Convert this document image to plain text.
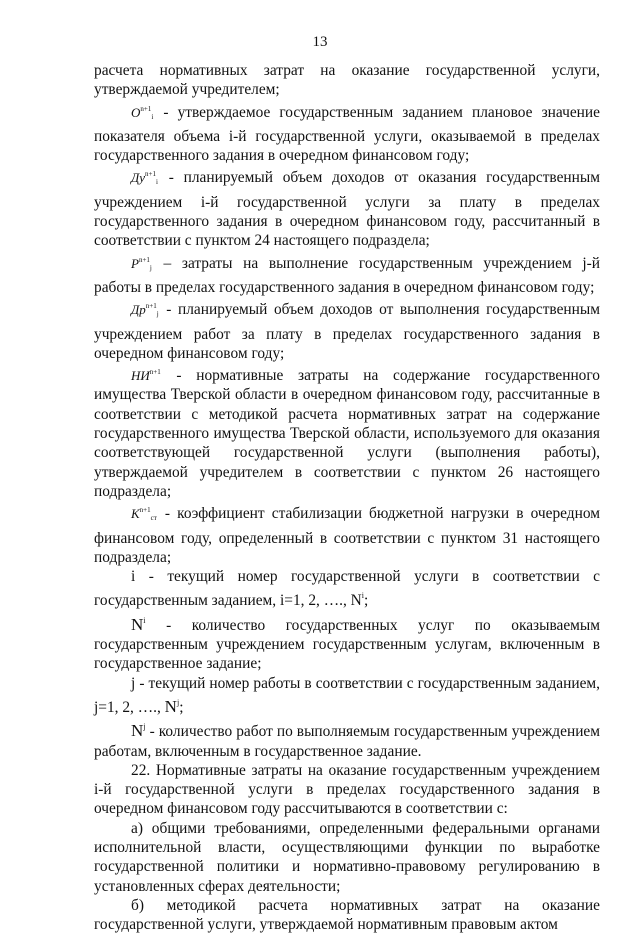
13

расчета нормативных затрат на оказание государственной услуги, утверждаемой учредителем;

$O^{n+1}_i$ - утверждаемое государственным заданием плановое значение показателя объема i-й государственной услуги, оказываемой в пределах государственного задания в очередном финансовом году;

$Ду^{n+1}_i$ - планируемый объем доходов от оказания государственным учреждением i-й государственной услуги за плату в пределах государственного задания в очередном финансовом году, рассчитанный в соответствии с пунктом 24 настоящего подраздела;

$P^{n+1}_j$ – затраты на выполнение государственным учреждением j-й работы в пределах государственного задания в очередном финансовом году;

$Др^{n+1}_j$ - планируемый объем доходов от выполнения государственным учреждением работ за плату в пределах государственного задания в очередном финансовом году;

$НИ^{n+1}$ - нормативные затраты на содержание государственного имущества Тверской области в очередном финансовом году, рассчитанные в соответствии с методикой расчета нормативных затрат на содержание государственного имущества Тверской области, используемого для оказания соответствующей государственной услуги (выполнения работы), утверждаемой учредителем в соответствии с пунктом 26 настоящего подраздела;

$K^{n+1}_{cт}$ - коэффициент стабилизации бюджетной нагрузки в очередном финансовом году, определенный в соответствии с пунктом 31 настоящего подраздела;

i - текущий номер государственной услуги в соответствии с государственным заданием, i=1, 2, …., $N^i$;

$N^i$ - количество государственных услуг по оказываемым государственным учреждением государственным услугам, включенным в государственное задание;

j - текущий номер работы в соответствии с государственным заданием, j=1, 2, …., $N^j$;

$N^j$ - количество работ по выполняемым государственным учреждением работам, включенным в государственное задание.

22. Нормативные затраты на оказание государственным учреждением i-й государственной услуги в пределах государственного задания в очередном финансовом году рассчитываются в соответствии с:

а) общими требованиями, определенными федеральными органами исполнительной власти, осуществляющими функции по выработке государственной политики и нормативно-правовому регулированию в установленных сферах деятельности;

б) методикой расчета нормативных затрат на оказание государственной услуги, утверждаемой нормативным правовым актом
